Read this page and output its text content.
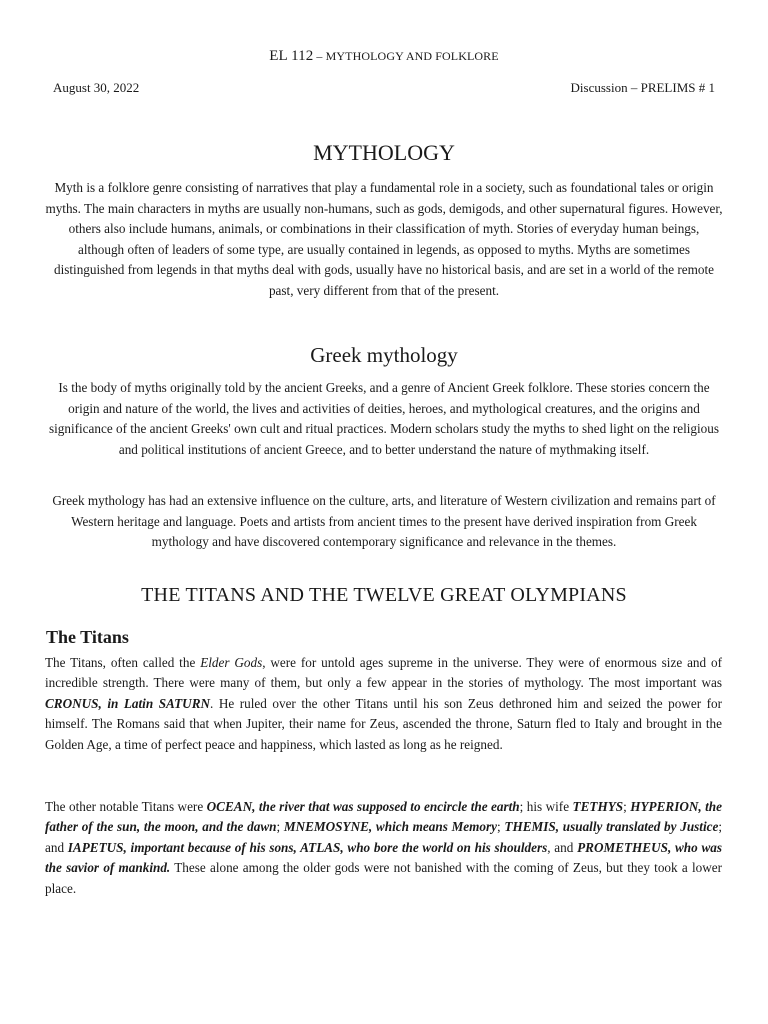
EL 112 – MYTHOLOGY AND FOLKLORE
August 30, 2022	Discussion – PRELIMS # 1
MYTHOLOGY

Myth is a folklore genre consisting of narratives that play a fundamental role in a society, such as foundational tales or origin myths. The main characters in myths are usually non-humans, such as gods, demigods, and other supernatural figures. However, others also include humans, animals, or combinations in their classification of myth. Stories of everyday human beings, although often of leaders of some type, are usually contained in legends, as opposed to myths. Myths are sometimes distinguished from legends in that myths deal with gods, usually have no historical basis, and are set in a world of the remote past, very different from that of the present.

Greek mythology

Is the body of myths originally told by the ancient Greeks, and a genre of Ancient Greek folklore. These stories concern the origin and nature of the world, the lives and activities of deities, heroes, and mythological creatures, and the origins and significance of the ancient Greeks' own cult and ritual practices. Modern scholars study the myths to shed light on the religious and political institutions of ancient Greece, and to better understand the nature of mythmaking itself.

Greek mythology has had an extensive influence on the culture, arts, and literature of Western civilization and remains part of Western heritage and language. Poets and artists from ancient times to the present have derived inspiration from Greek mythology and have discovered contemporary significance and relevance in the themes.

THE TITANS AND THE TWELVE GREAT OLYMPIANS
The Titans

The Titans, often called the Elder Gods, were for untold ages supreme in the universe. They were of enormous size and of incredible strength. There were many of them, but only a few appear in the stories of mythology. The most important was CRONUS, in Latin SATURN. He ruled over the other Titans until his son Zeus dethroned him and seized the power for himself. The Romans said that when Jupiter, their name for Zeus, ascended the throne, Saturn fled to Italy and brought in the Golden Age, a time of perfect peace and happiness, which lasted as long as he reigned.

The other notable Titans were OCEAN, the river that was supposed to encircle the earth; his wife TETHYS; HYPERION, the father of the sun, the moon, and the dawn; MNEMOSYNE, which means Memory; THEMIS, usually translated by Justice; and IAPETUS, important because of his sons, ATLAS, who bore the world on his shoulders, and PROMETHEUS, who was the savior of mankind. These alone among the older gods were not banished with the coming of Zeus, but they took a lower place.
